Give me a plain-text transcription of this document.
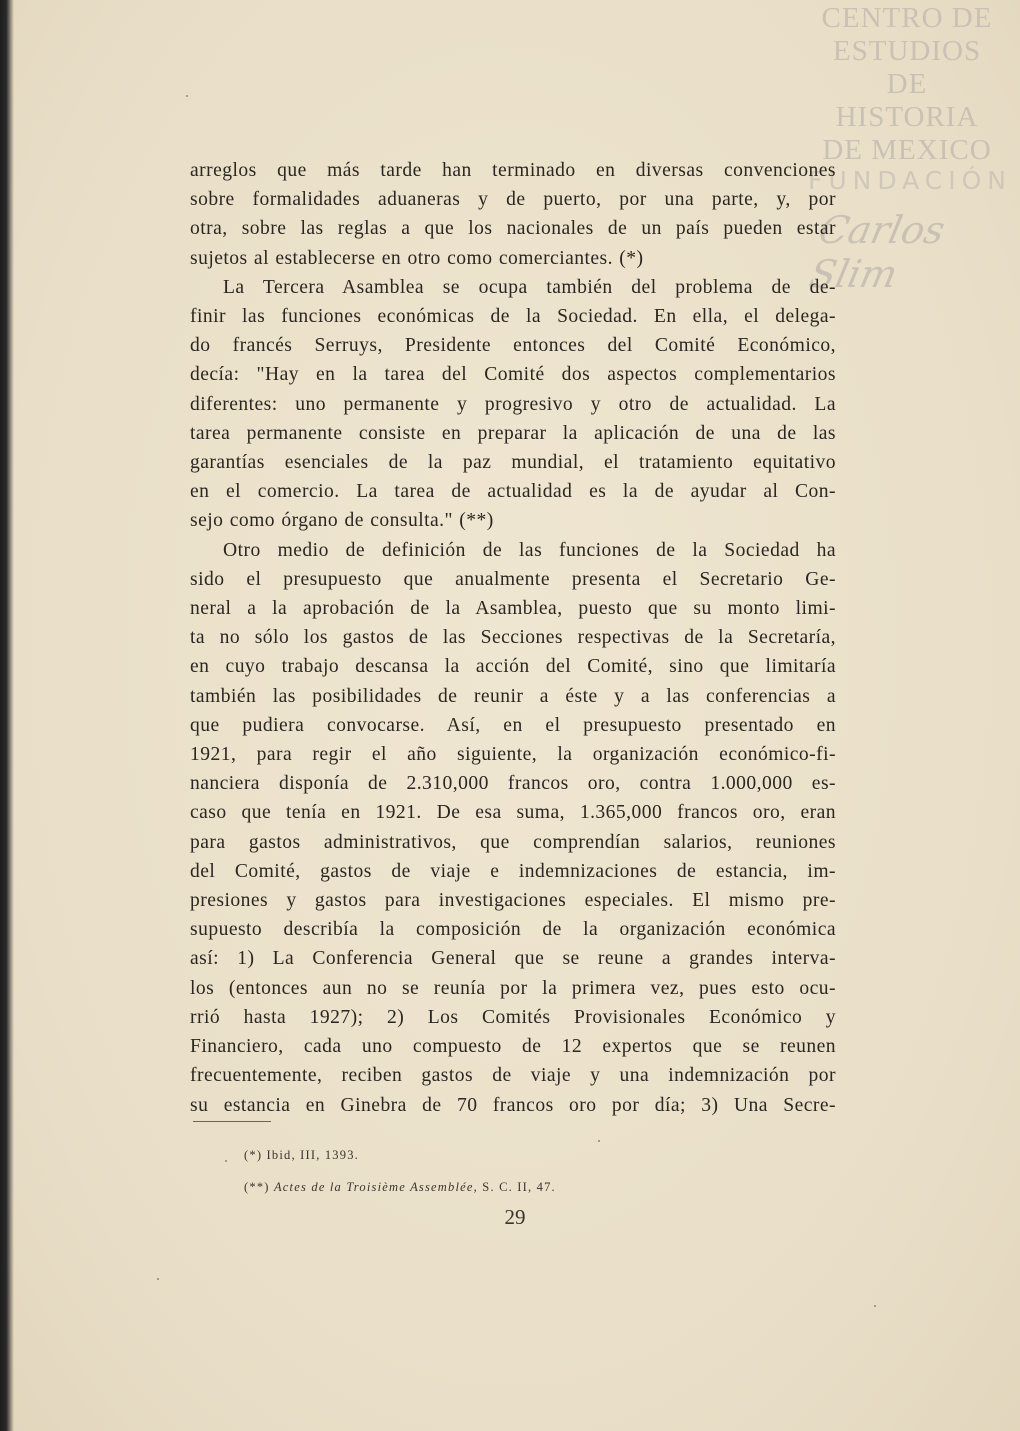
CENTRO DE
ESTUDIOS
DE HISTORIA
DE MEXICO
FUNDACIÓN
Carlos Slim

arreglos que más tarde han terminado en diversas convenciones

sobre formalidades aduaneras y de puerto, por una parte, y, por

otra, sobre las reglas a que los nacionales de un país pueden estar

sujetos al establecerse en otro como comerciantes. (*)

La Tercera Asamblea se ocupa también del problema de de-

finir las funciones económicas de la Sociedad. En ella, el delega-

do francés Serruys, Presidente entonces del Comité Económico,

decía: "Hay en la tarea del Comité dos aspectos complementarios

diferentes: uno permanente y progresivo y otro de actualidad. La

tarea permanente consiste en preparar la aplicación de una de las

garantías esenciales de la paz mundial, el tratamiento equitativo

en el comercio. La tarea de actualidad es la de ayudar al Con-

sejo como órgano de consulta." (**)

Otro medio de definición de las funciones de la Sociedad ha

sido el presupuesto que anualmente presenta el Secretario Ge-

neral a la aprobación de la Asamblea, puesto que su monto limi-

ta no sólo los gastos de las Secciones respectivas de la Secretaría,

en cuyo trabajo descansa la acción del Comité, sino que limitaría

también las posibilidades de reunir a éste y a las conferencias a

que pudiera convocarse. Así, en el presupuesto presentado en

1921, para regir el año siguiente, la organización económico-fi-

nanciera disponía de 2.310,000 francos oro, contra 1.000,000 es-

caso que tenía en 1921. De esa suma, 1.365,000 francos oro, eran

para gastos administrativos, que comprendían salarios, reuniones

del Comité, gastos de viaje e indemnizaciones de estancia, im-

presiones y gastos para investigaciones especiales. El mismo pre-

supuesto describía la composición de la organización económica

así: 1) La Conferencia General que se reune a grandes interva-

los (entonces aun no se reunía por la primera vez, pues esto ocu-

rrió hasta 1927); 2) Los Comités Provisionales Económico y

Financiero, cada uno compuesto de 12 expertos que se reunen

frecuentemente, reciben gastos de viaje y una indemnización por

su estancia en Ginebra de 70 francos oro por día; 3) Una Secre-

(*) Ibid, III, 1393.
(**) Actes de la Troisième Assemblée, S. C. II, 47.
29
